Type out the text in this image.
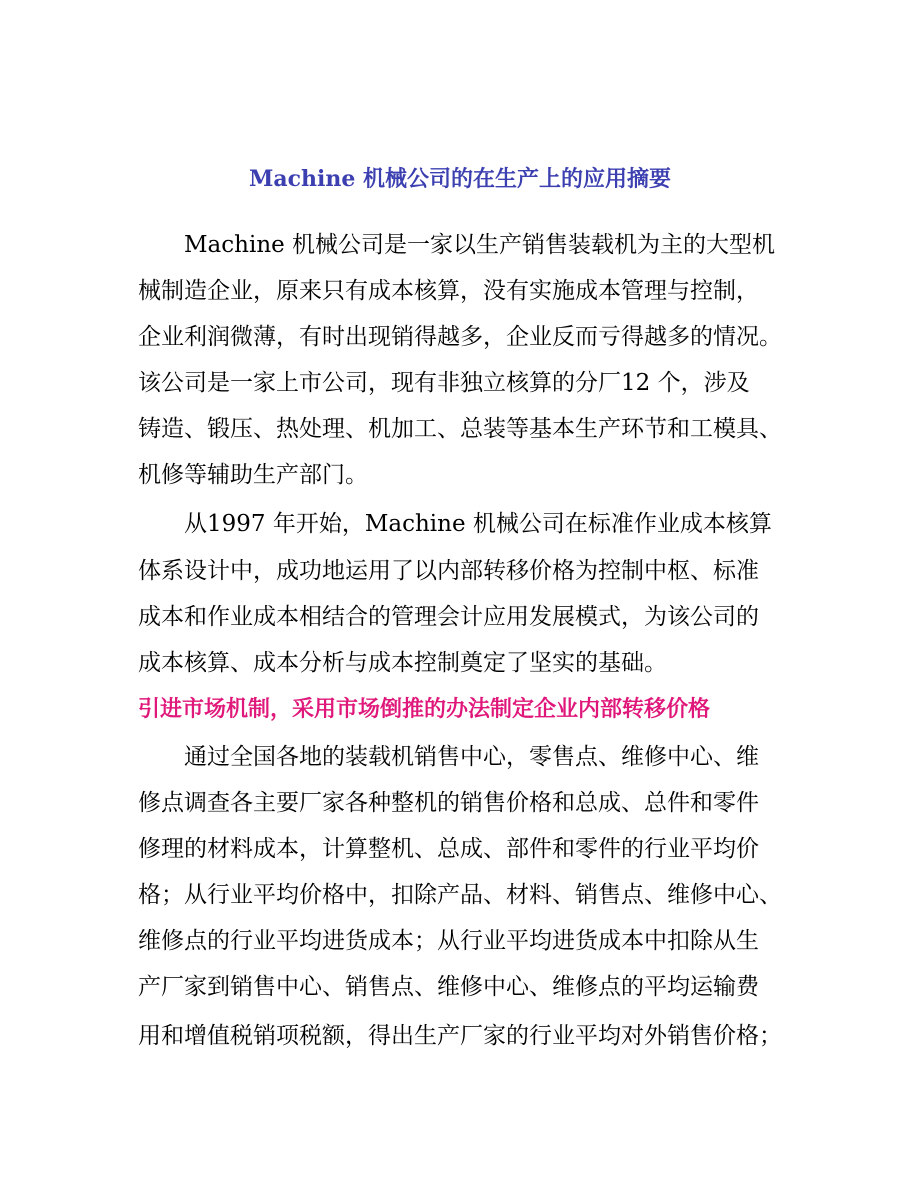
Machine 机械公司的在生产上的应用摘要
Machine 机械公司是一家以生产销售装载机为主的大型机
械制造企业，原来只有成本核算，没有实施成本管理与控制，
企业利润微薄，有时出现销得越多，企业反而亏得越多的情况。
该公司是一家上市公司，现有非独立核算的分厂12 个，涉及
铸造、锻压、热处理、机加工、总装等基本生产环节和工模具、
机修等辅助生产部门。
从1997 年开始，Machine 机械公司在标准作业成本核算
体系设计中，成功地运用了以内部转移价格为控制中枢、标准
成本和作业成本相结合的管理会计应用发展模式，为该公司的
成本核算、成本分析与成本控制奠定了坚实的基础。
引进市场机制，采用市场倒推的办法制定企业内部转移价格
通过全国各地的装载机销售中心，零售点、维修中心、维
修点调查各主要厂家各种整机的销售价格和总成、总件和零件
修理的材料成本，计算整机、总成、部件和零件的行业平均价
格；从行业平均价格中，扣除产品、材料、销售点、维修中心、
维修点的行业平均进货成本；从行业平均进货成本中扣除从生
产厂家到销售中心、销售点、维修中心、维修点的平均运输费
用和增值税销项税额，得出生产厂家的行业平均对外销售价格；
